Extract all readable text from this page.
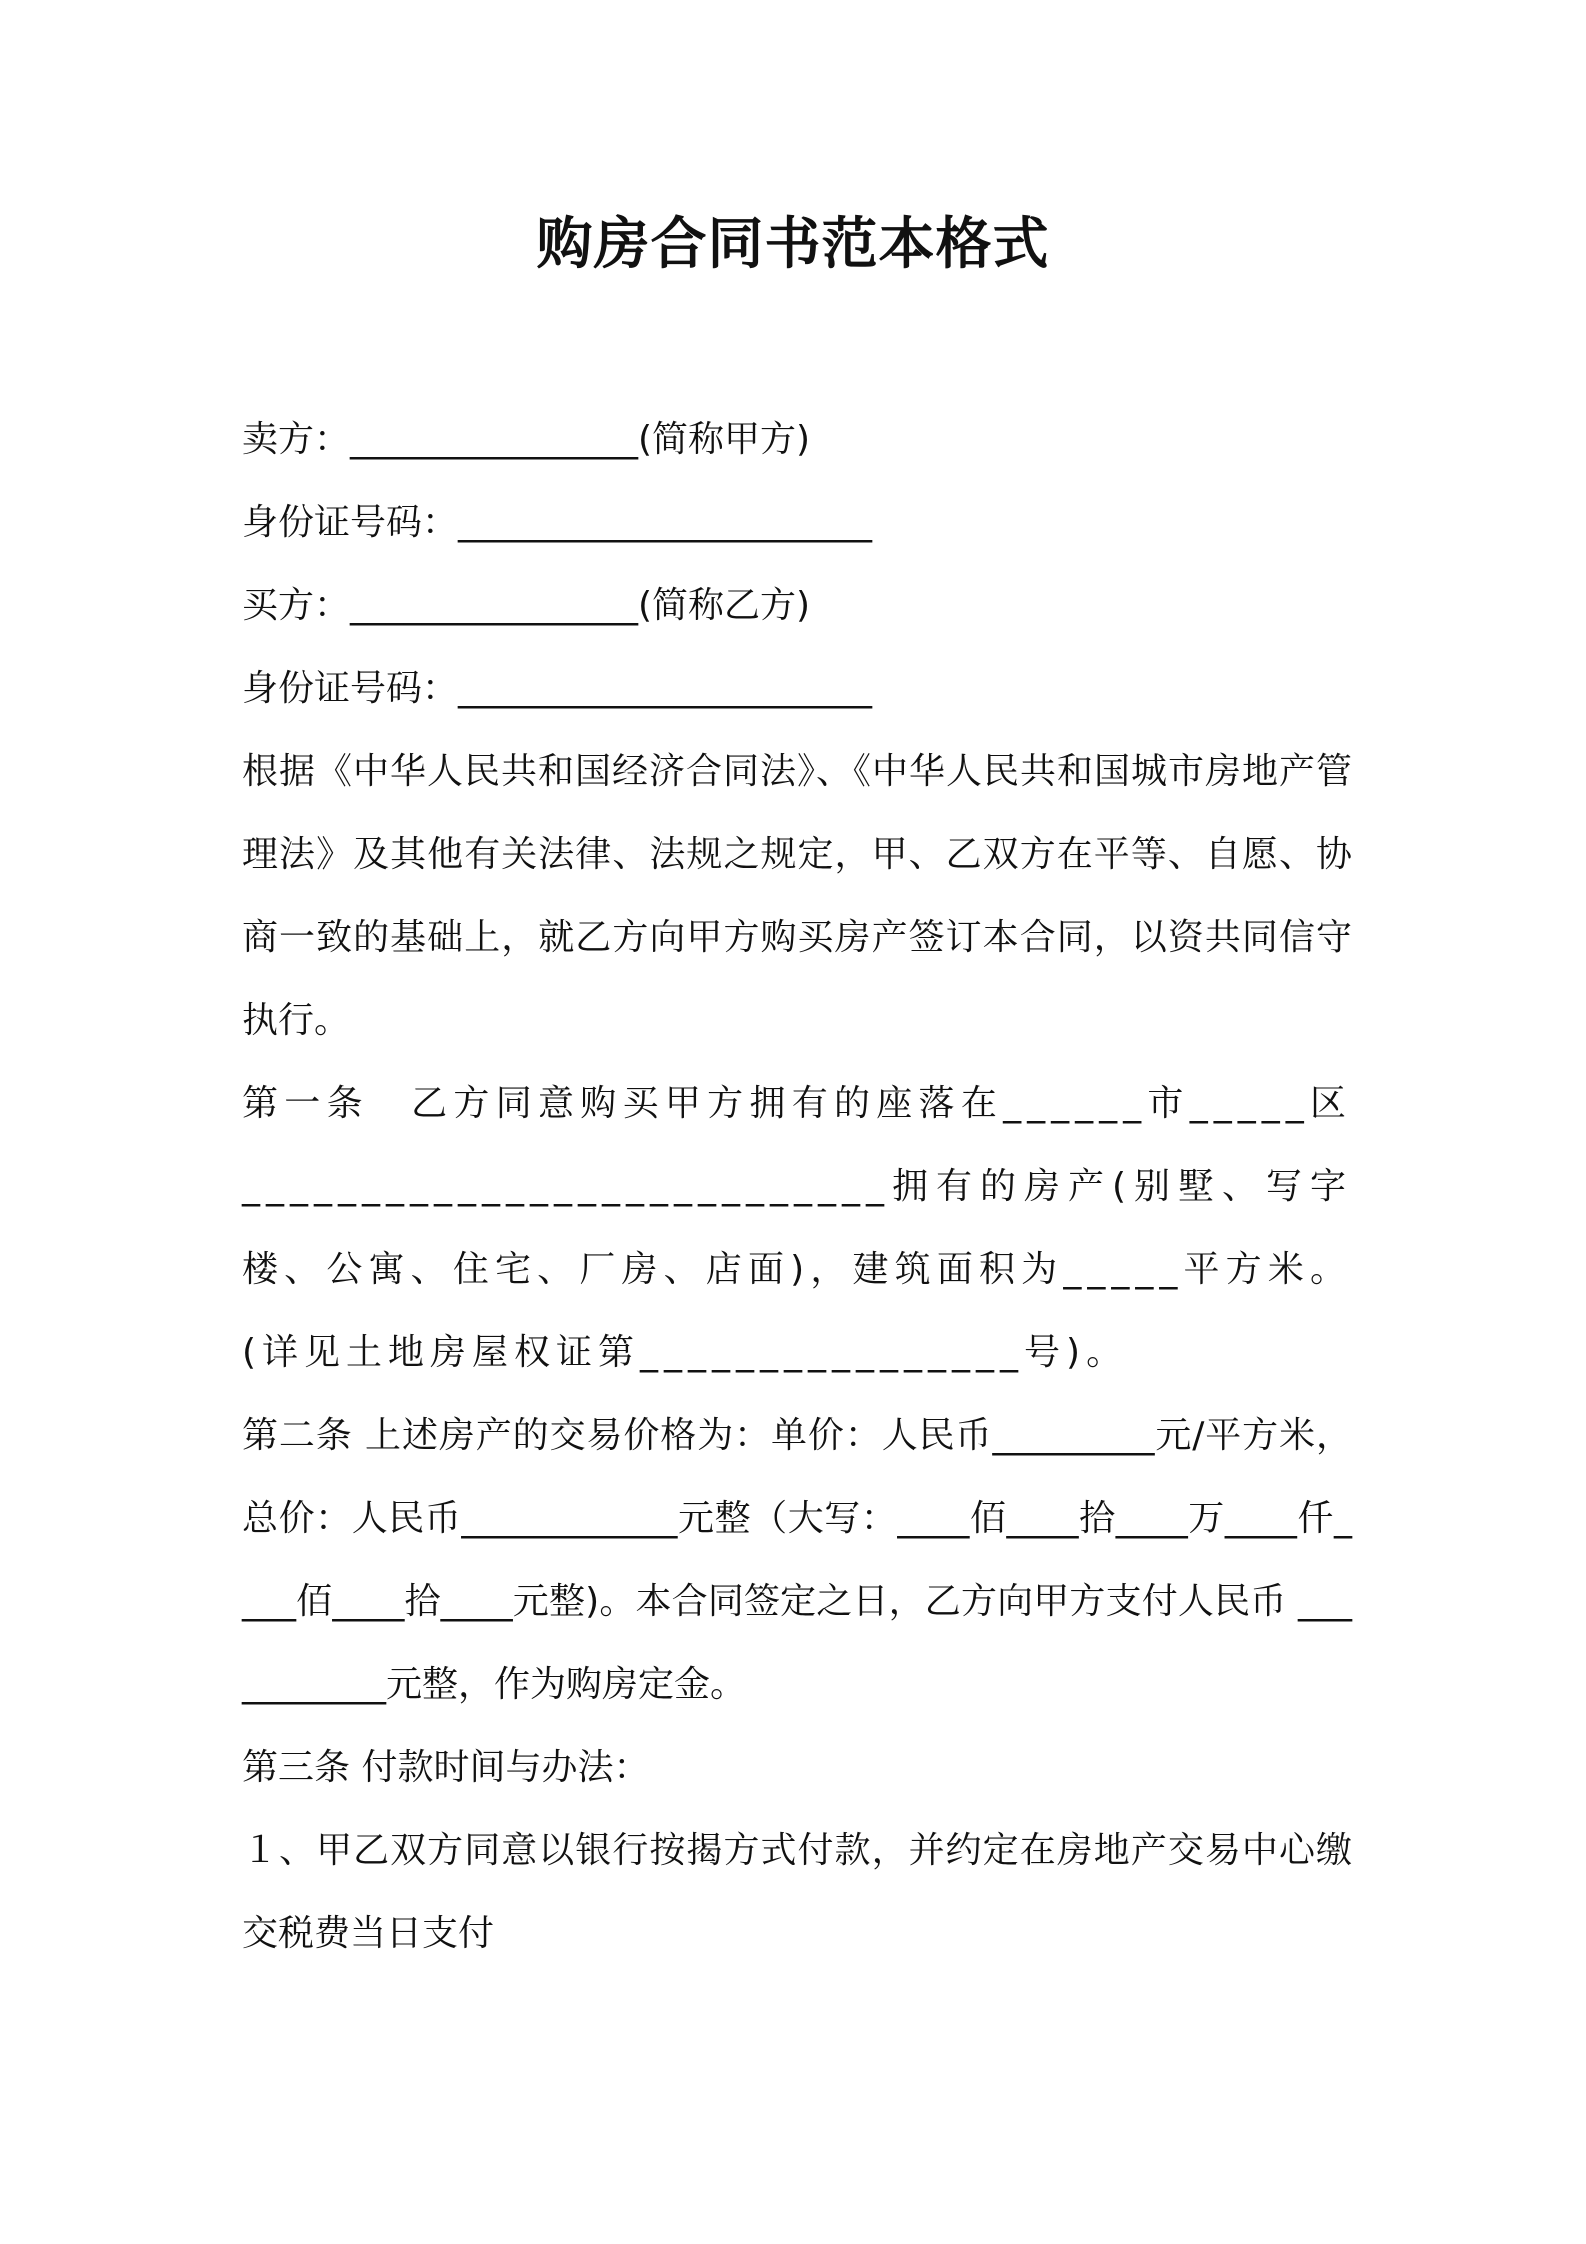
购房合同书范本格式
卖方：________________(简称甲方)
身份证号码：_______________________
买方：________________(简称乙方)
身份证号码：_______________________
根据《中华人民共和国经济合同法》、《中华人民共和国城市房地产管理法》及其他有关法律、法规之规定，甲、乙双方在平等、自愿、协商一致的基础上，就乙方向甲方购买房产签订本合同，以资共同信守执行。
第一条　乙方同意购买甲方拥有的座落在______市_____区___________________________拥有的房产(别墅、写字楼、公寓、住宅、厂房、店面)，建筑面积为_____平方米。(详见土地房屋权证第________________号)。
第二条 上述房产的交易价格为：单价：人民币_________元/平方米，总价：人民币____________元整（大写：____佰____拾____万____仟____佰____拾____元整)。本合同签定之日，乙方向甲方支付人民币 ___________元整，作为购房定金。
第三条 付款时间与办法：
１、甲乙双方同意以银行按揭方式付款，并约定在房地产交易中心缴交税费当日支付
